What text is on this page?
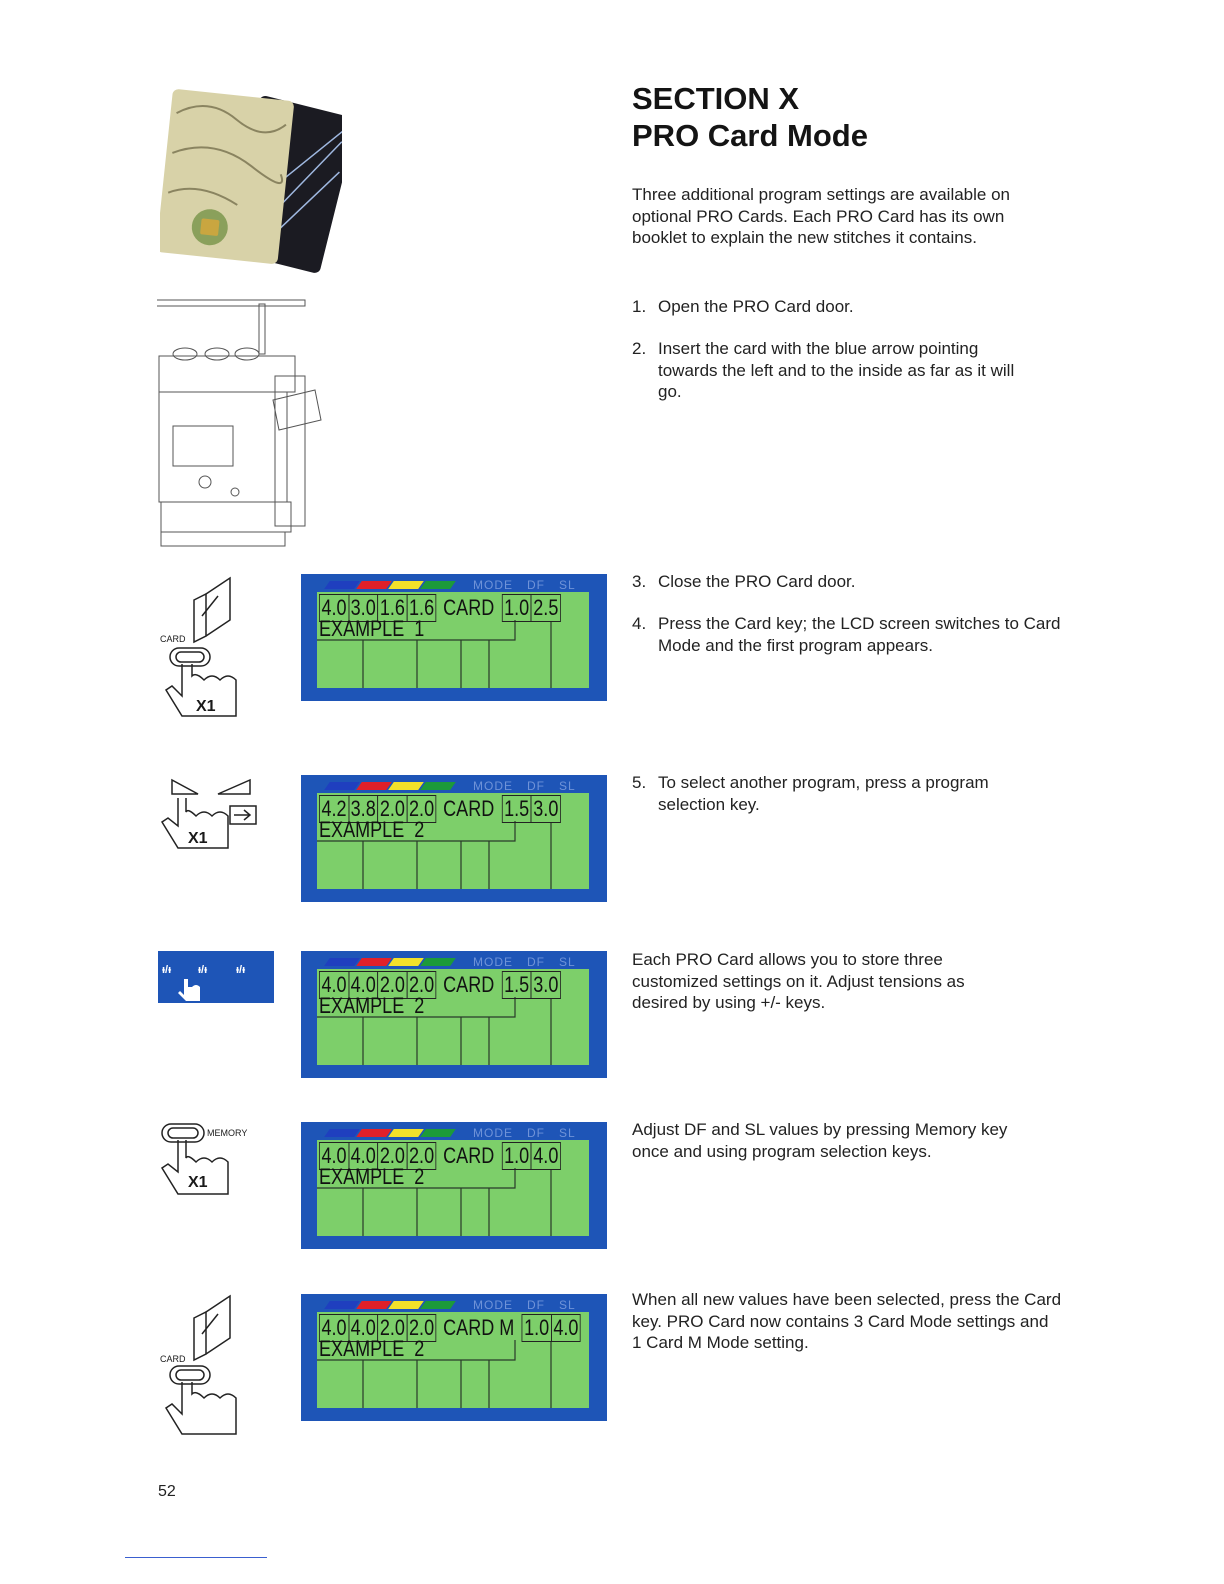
SECTION X
PRO Card Mode
Three additional program settings are available on optional PRO Cards. Each PRO Card has its own booklet to explain the new stitches it contains.
1. Open the PRO Card door.
2. Insert the card with the blue arrow pointing towards the left and to the inside as far as it will go.
CARD
X1
X1
ᵻ/ᵻ ᵻ/ᵻ	ᵻ/ᵻ
MEMORY
X1
CARD
MODE DF SL
4.0 3.0 1.6 1.6 CARD 1.0 2.5
EXAMPLE  1
MODE DF SL
4.2 3.8 2.0 2.0 CARD 1.5 3.0
EXAMPLE  2
MODE DF SL
4.0 4.0 2.0 2.0 CARD 1.5 3.0
EXAMPLE  2
MODE DF SL
4.0 4.0 2.0 2.0 CARD 1.0 4.0
EXAMPLE  2
MODE DF SL
4.0 4.0 2.0 2.0 CARD M 1.0 4.0
EXAMPLE  2
3. Close the PRO Card door.
4. Press the Card key; the LCD screen switches to Card Mode and the first program appears.
5. To select another program, press a program selection key.
Each PRO Card allows you to store three customized settings on it. Adjust tensions as desired by using +/- keys.
Adjust DF and SL values by pressing Memory key once and using program selection keys.
When all new values have been selected, press the Card key. PRO Card now contains 3 Card Mode settings and 1 Card M Mode setting.
52
